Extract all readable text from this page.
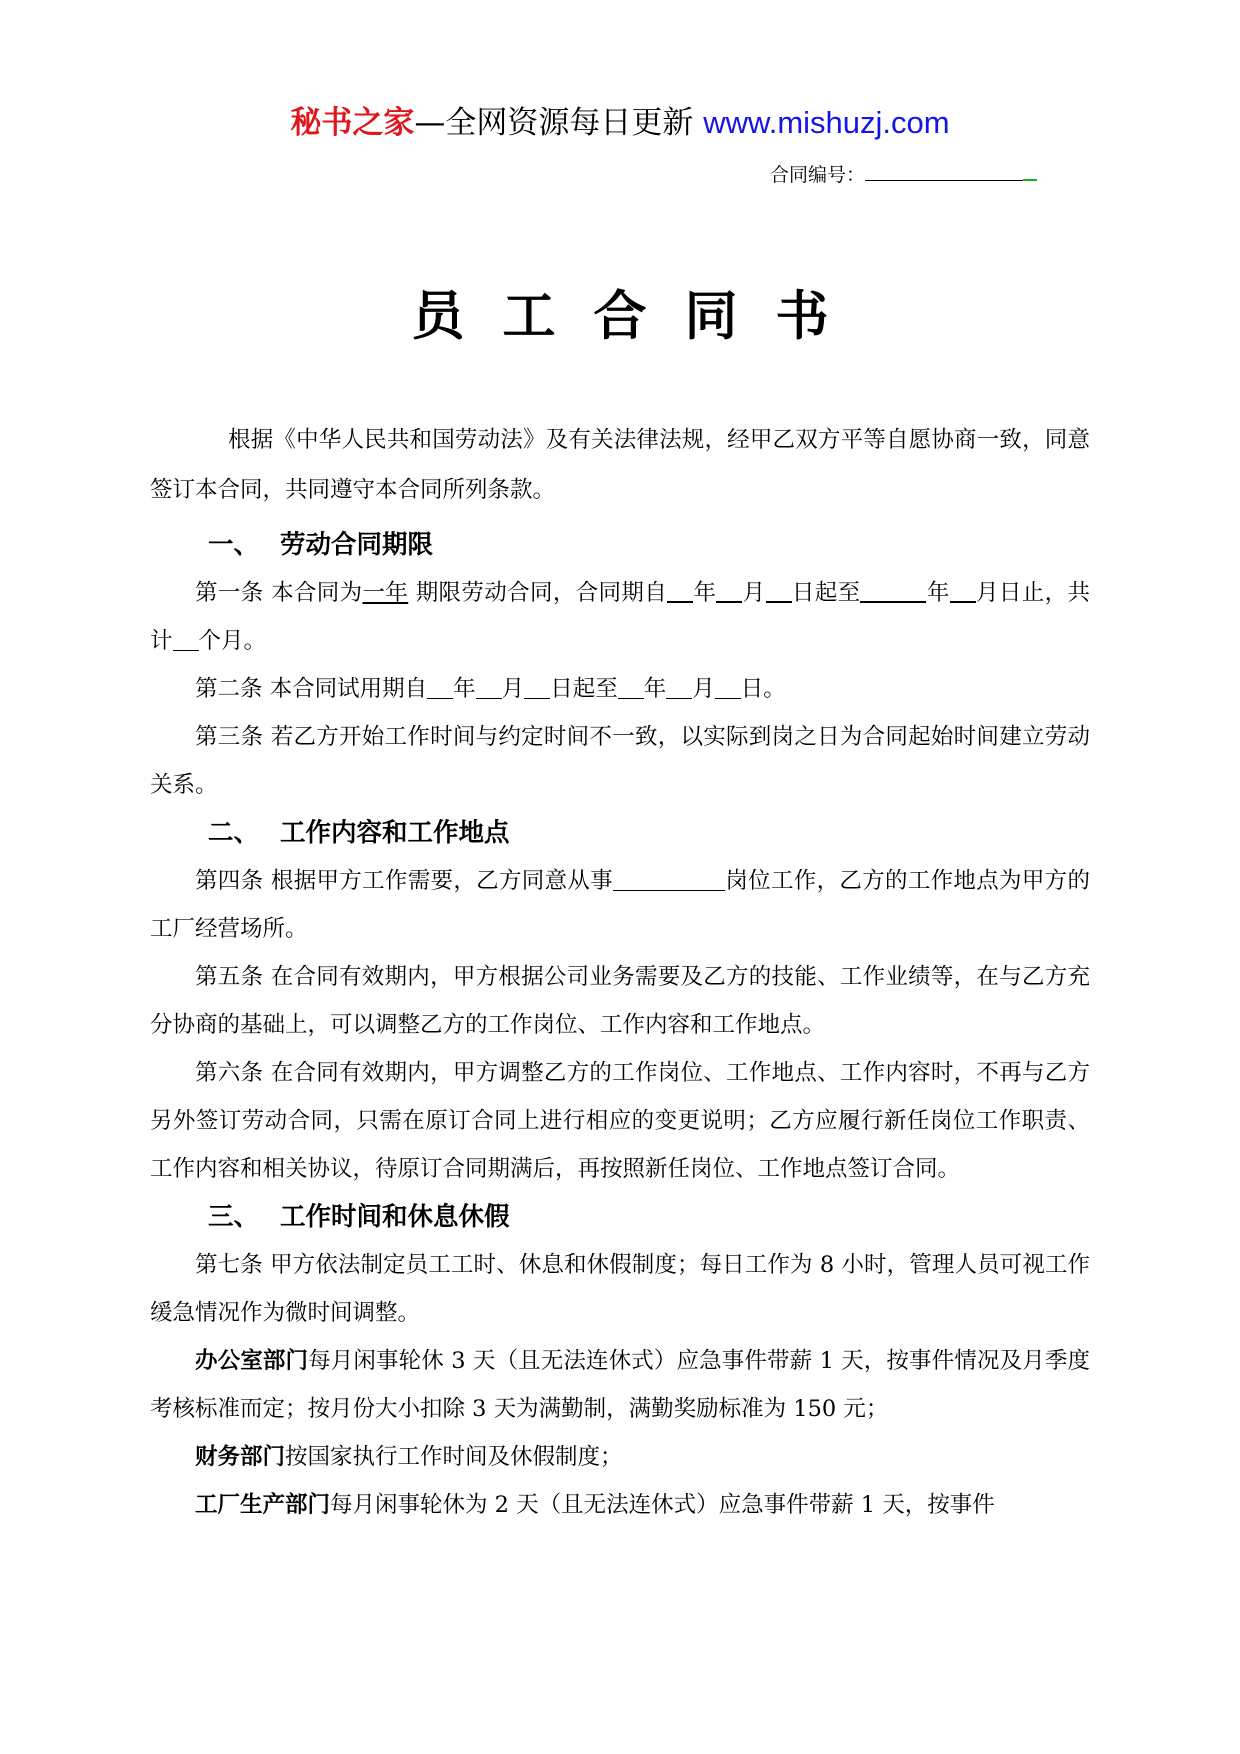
秘书之家—全网资源每日更新 www.mishuzj.com
合同编号：
员工合同书

根据《中华人民共和国劳动法》及有关法律法规，经甲乙双方平等自愿协商一致，同意签订本合同，共同遵守本合同所列条款。

一、 劳动合同期限

第一条 本合同为一年 期限劳动合同，合同期自 年 月 日起至	年 月日止，共计 个月。

第二条 本合同试用期自 年 月 日起至 年 月 日。

第三条 若乙方开始工作时间与约定时间不一致，以实际到岗之日为合同起始时间建立劳动关系。

二、 工作内容和工作地点

第四条 根据甲方工作需要，乙方同意从事	岗位工作，乙方的工作地点为甲方的工厂经营场所。

第五条 在合同有效期内，甲方根据公司业务需要及乙方的技能、工作业绩等，在与乙方充分协商的基础上，可以调整乙方的工作岗位、工作内容和工作地点。

第六条 在合同有效期内，甲方调整乙方的工作岗位、工作地点、工作内容时，不再与乙方另外签订劳动合同，只需在原订合同上进行相应的变更说明；乙方应履行新任岗位工作职责、工作内容和相关协议，待原订合同期满后，再按照新任岗位、工作地点签订合同。

三、 工作时间和休息休假

第七条 甲方依法制定员工工时、休息和休假制度；每日工作为 8 小时，管理人员可视工作缓急情况作为微时间调整。

办公室部门每月闲事轮休 3 天（且无法连休式）应急事件带薪 1 天，按事件情况及月季度考核标准而定；按月份大小扣除 3 天为满勤制，满勤奖励标准为 150 元；

财务部门按国家执行工作时间及休假制度；

工厂生产部门每月闲事轮休为 2 天（且无法连休式）应急事件带薪 1 天，按事件
